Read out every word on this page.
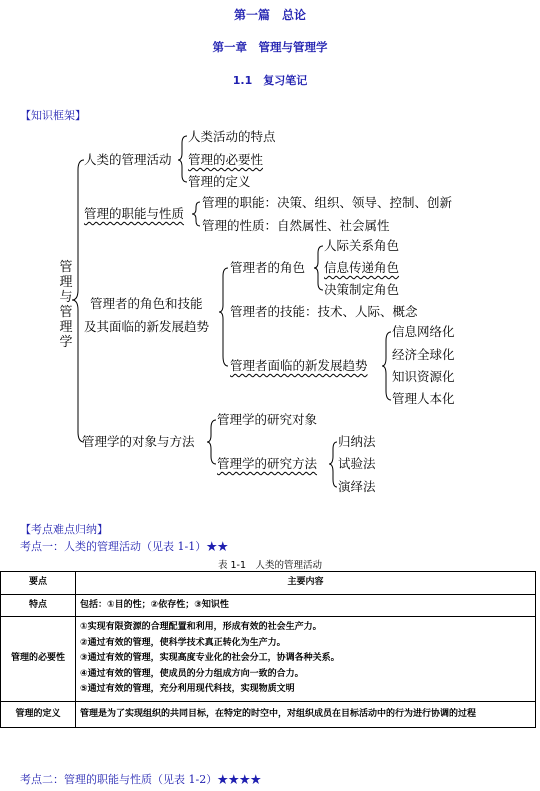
第一篇　总论
第一章　管理与管理学
1.1　复习笔记
【知识框架】
管
理
与
管
理
学
人类的管理活动
人类活动的特点
管理的必要性
管理的定义
管理的职能与性质
管理的职能：决策、组织、领导、控制、创新
管理的性质：自然属性、社会属性
管理者的角色和技能
及其面临的新发展趋势
管理者的角色
人际关系角色
信息传递角色
决策制定角色
管理者的技能：技术、人际、概念
管理者面临的新发展趋势
信息网络化
经济全球化
知识资源化
管理人本化
管理学的对象与方法
管理学的研究对象
管理学的研究方法
归纳法
试验法
演绎法
【考点难点归纳】
考点一：人类的管理活动（见表 1-1）★★
表 1-1　人类的管理活动
要点	主要内容
特点	包括：①目的性；②依存性；③知识性

管理的必要性	①实现有限资源的合理配置和利用，形成有效的社会生产力。
②通过有效的管理，使科学技术真正转化为生产力。
③通过有效的管理，实现高度专业化的社会分工，协调各种关系。
④通过有效的管理，使成员的分力组成方向一致的合力。
⑤通过有效的管理，充分利用现代科技，实现物质文明

管理的定义	管理是为了实现组织的共同目标，在特定的时空中，对组织成员在目标活动中的行为进行协调的过程
考点二：管理的职能与性质（见表 1-2）★★★★
